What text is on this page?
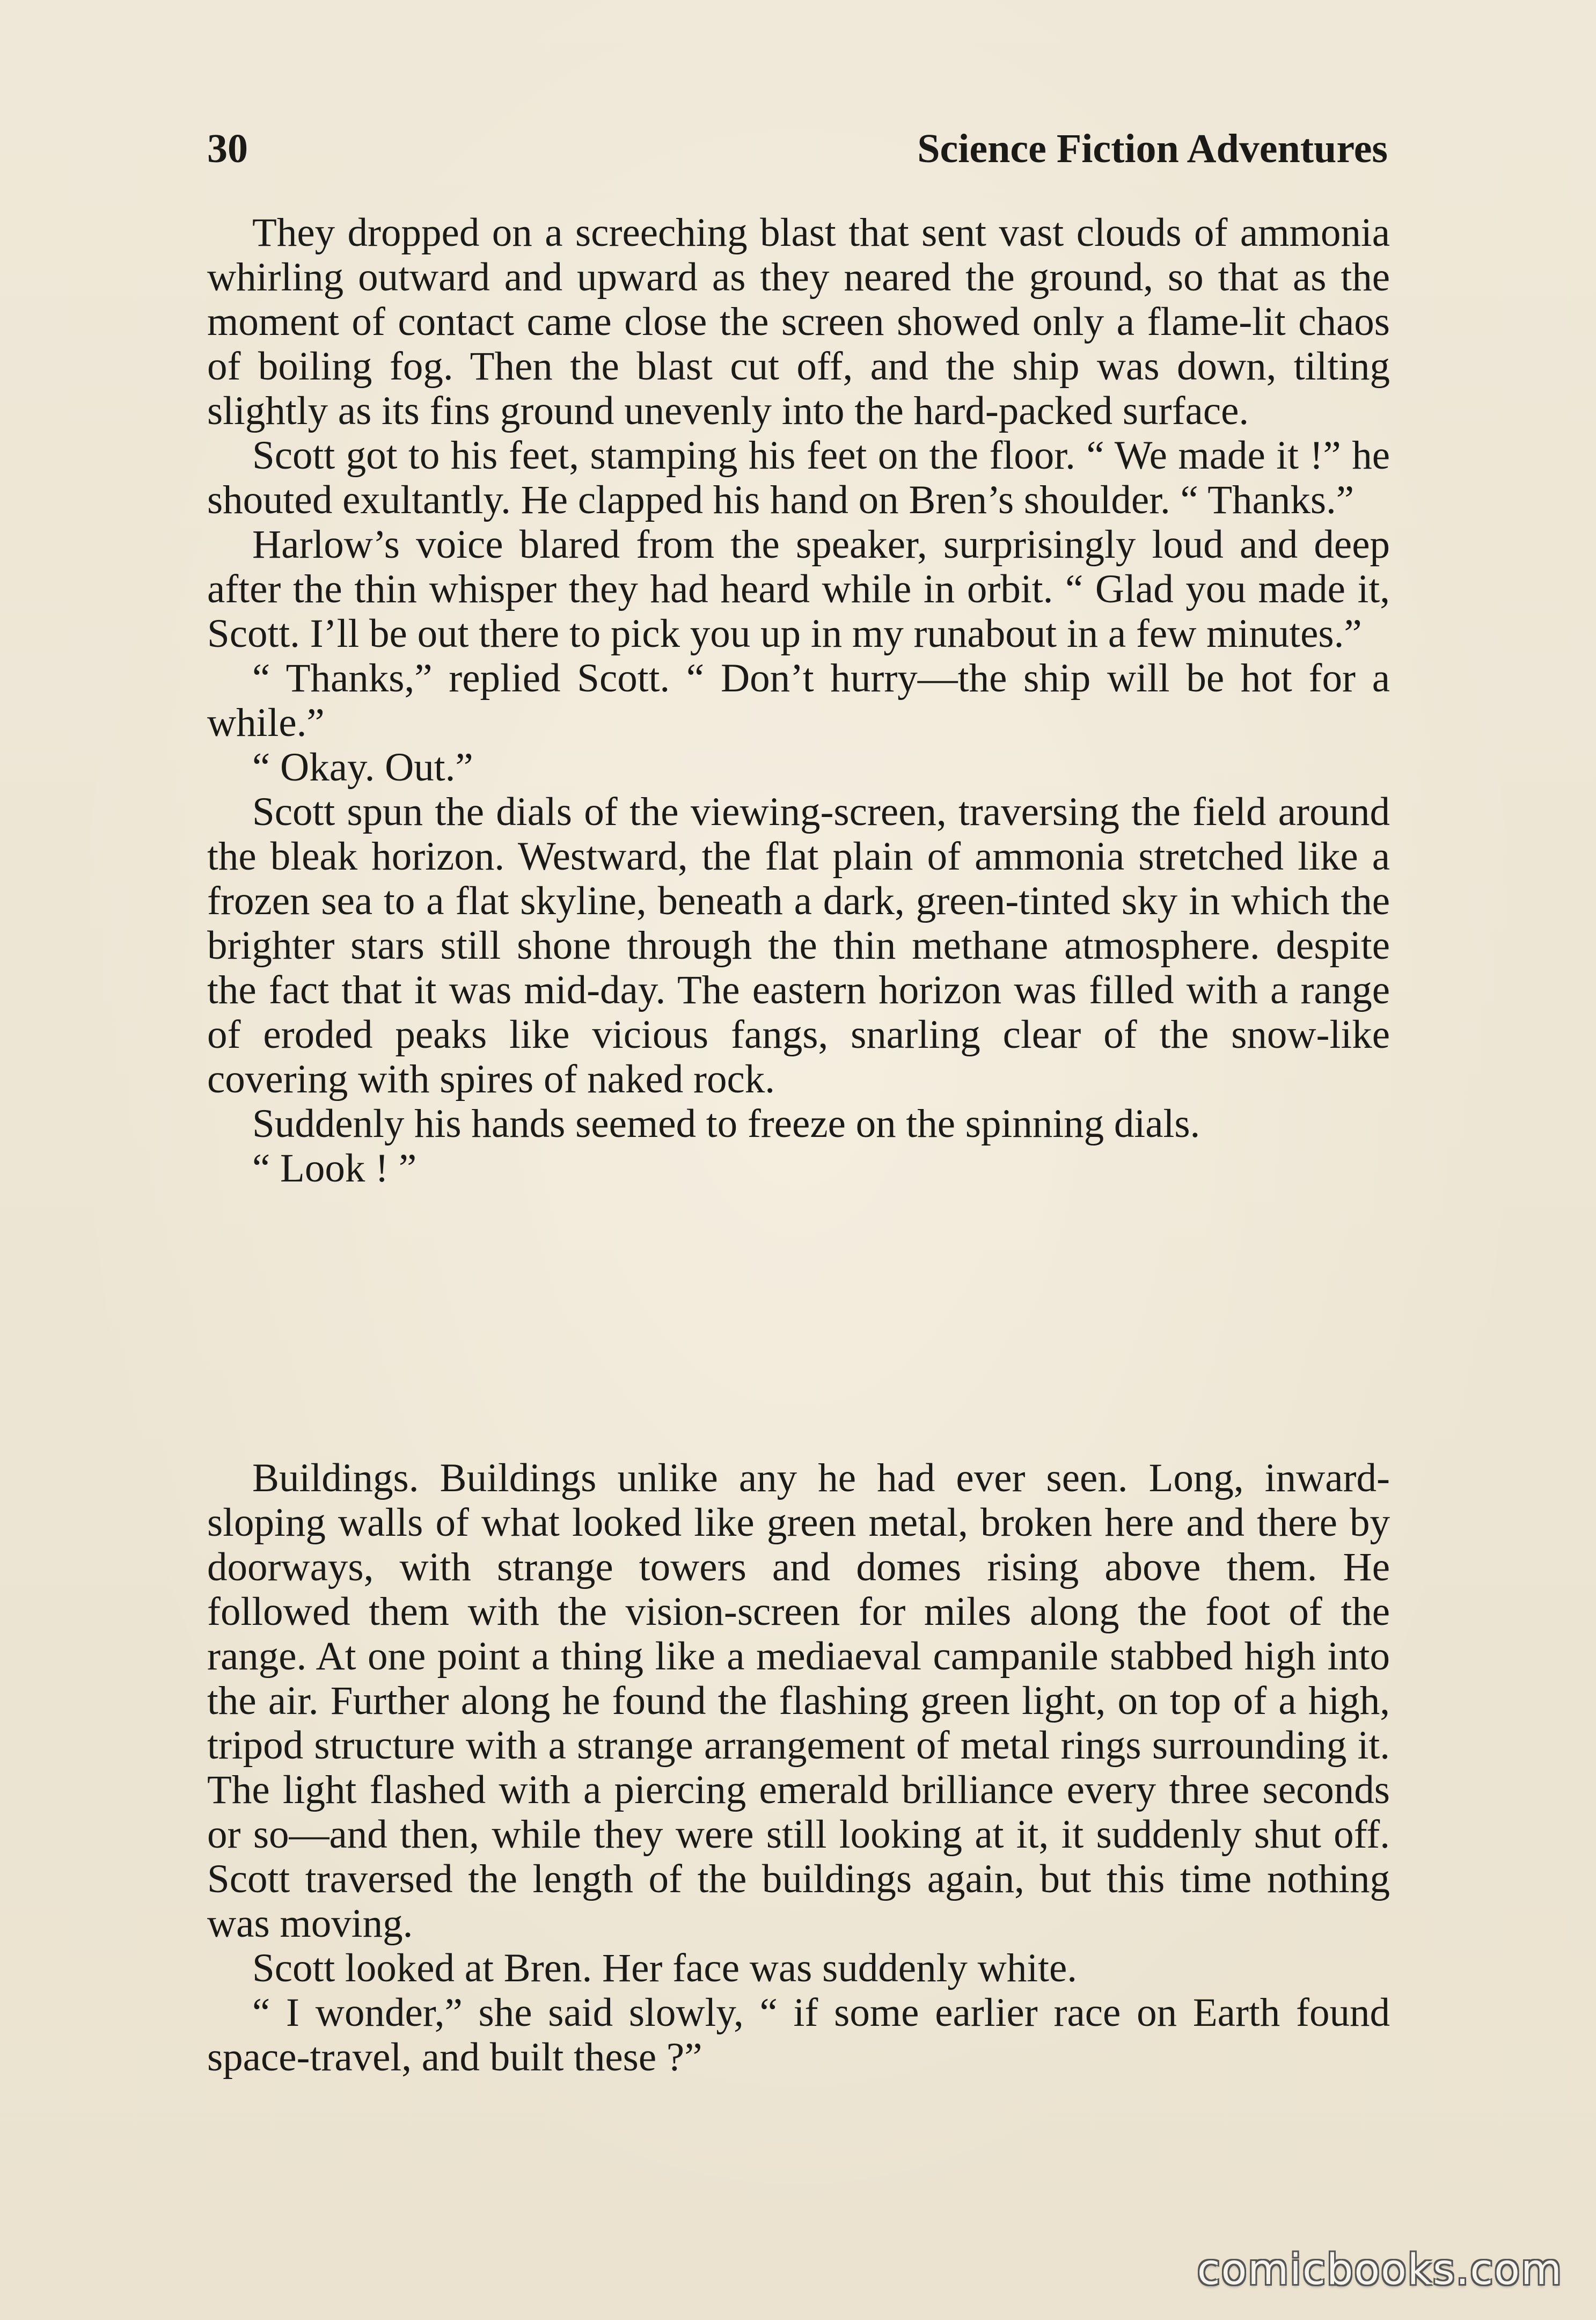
30	Science Fiction Adventures

They dropped on a screeching blast that sent vast clouds of ammonia whirling outward and upward as they neared the ground, so that as the moment of contact came close the screen showed only a flame-lit chaos of boiling fog. Then the blast cut off, and the ship was down, tilting slightly as its fins ground unevenly into the hard-packed surface.

Scott got to his feet, stamping his feet on the floor. “ We made it !” he shouted exultantly. He clapped his hand on Bren’s shoulder. “ Thanks.”

Harlow’s voice blared from the speaker, surprisingly loud and deep after the thin whisper they had heard while in orbit. “ Glad you made it, Scott. I’ll be out there to pick you up in my runabout in a few minutes.”

“ Thanks,” replied Scott. “ Don’t hurry—the ship will be hot for a while.”

“ Okay. Out.”

Scott spun the dials of the viewing-screen, traversing the field around the bleak horizon. Westward, the flat plain of ammonia stretched like a frozen sea to a flat skyline, beneath a dark, green-tinted sky in which the brighter stars still shone through the thin methane atmosphere. despite the fact that it was mid-day. The eastern horizon was filled with a range of eroded peaks like vicious fangs, snarling clear of the snow-like covering with spires of naked rock.

Suddenly his hands seemed to freeze on the spinning dials.

“ Look ! ”

Buildings. Buildings unlike any he had ever seen. Long, inward-sloping walls of what looked like green metal, broken here and there by doorways, with strange towers and domes rising above them. He followed them with the vision-screen for miles along the foot of the range. At one point a thing like a mediaeval campanile stabbed high into the air. Further along he found the flashing green light, on top of a high, tripod structure with a strange arrangement of metal rings surrounding it. The light flashed with a piercing emerald brilliance every three seconds or so—and then, while they were still looking at it, it suddenly shut off. Scott traversed the length of the buildings again, but this time nothing was moving.

Scott looked at Bren. Her face was suddenly white.

“ I wonder,” she said slowly, “ if some earlier race on Earth found space-travel, and built these ?”

comicbooks.com
